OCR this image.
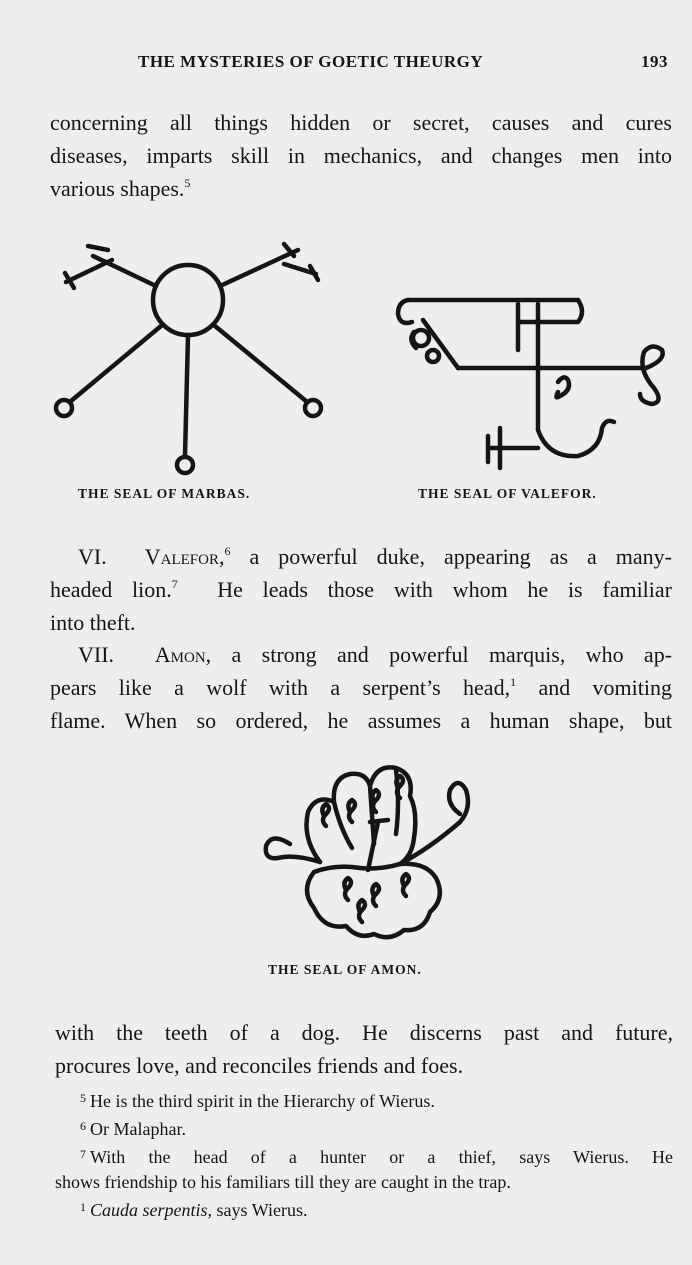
THE MYSTERIES OF GOETIC THEURGY	193
concerning all things hidden or secret, causes and cures
diseases, imparts skill in mechanics, and changes men into
various shapes.$^5$
THE SEAL OF MARBAS.	THE SEAL OF VALEFOR.
VI. Valefor,$^6$ a powerful duke, appearing as a many-
headed lion.$^7$ He leads those with whom he is familiar
into theft.
VII. Amon, a strong and powerful marquis, who ap-
pears like a wolf with a serpent’s head,$^1$ and vomiting
flame. When so ordered, he assumes a human shape, but
THE SEAL OF AMON.
with the teeth of a dog. He discerns past and future,
procures love, and reconciles friends and foes.
$^5$ He is the third spirit in the Hierarchy of Wierus.
$^6$ Or Malaphar.
$^7$ With the head of a hunter or a thief, says Wierus. He
shows friendship to his familiars till they are caught in the trap.
$^1$ Cauda serpentis, says Wierus.
